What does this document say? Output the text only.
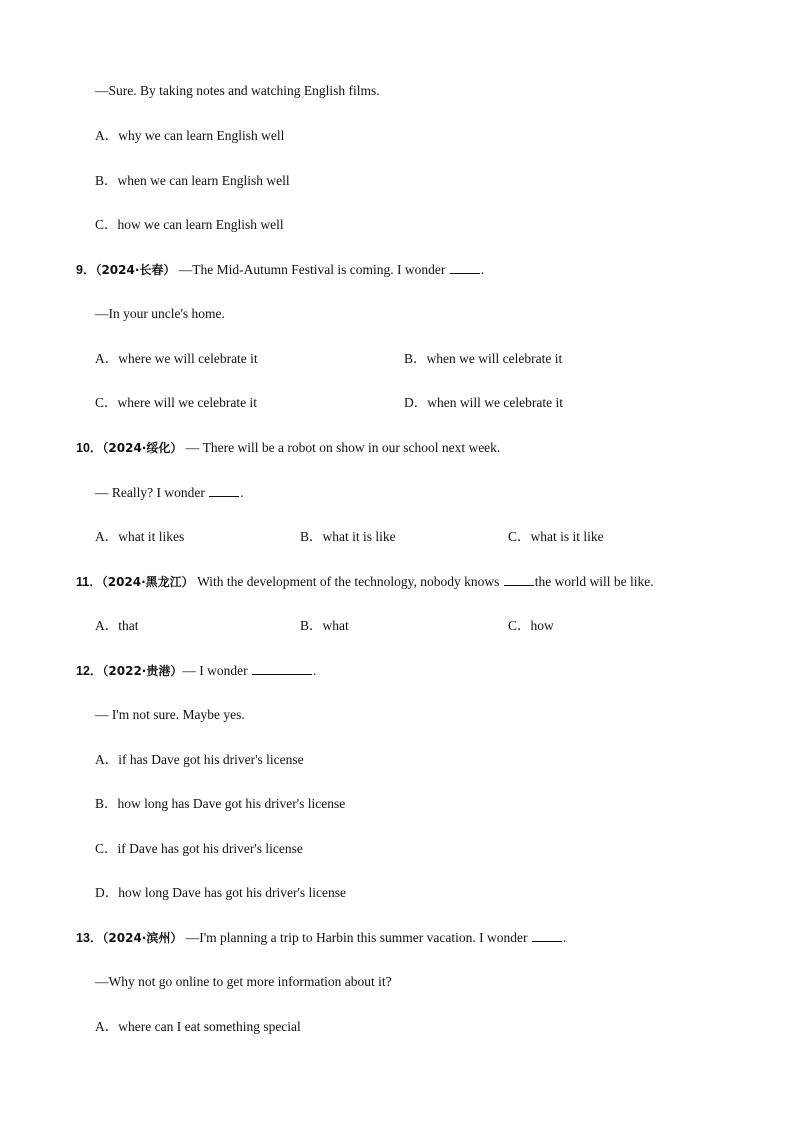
—Sure. By taking notes and watching English films.
A．why we can learn English well
B．when we can learn English well
C．how we can learn English well
9．（2024·长春） —The Mid-Autumn Festival is coming. I wonder .
—In your uncle's home.
A．where we will celebrate it	B．when we will celebrate it
C．where will we celebrate it	D．when will we celebrate it
10．（2024·绥化） — There will be a robot on show in our school next week.
— Really? I wonder .
A．what it likes	B．what it is like	C．what is it like
11．（2024·黑龙江） With the development of the technology, nobody knows the world will be like.
A．that	B．what	C．how
12．（2022·贵港）— I wonder	.
— I'm not sure. Maybe yes.
A．if has Dave got his driver's license
B．how long has Dave got his driver's license
C．if Dave has got his driver's license
D．how long Dave has got his driver's license
13．（2024·滨州） —I'm planning a trip to Harbin this summer vacation. I wonder .
—Why not go online to get more information about it?
A．where can I eat something special
